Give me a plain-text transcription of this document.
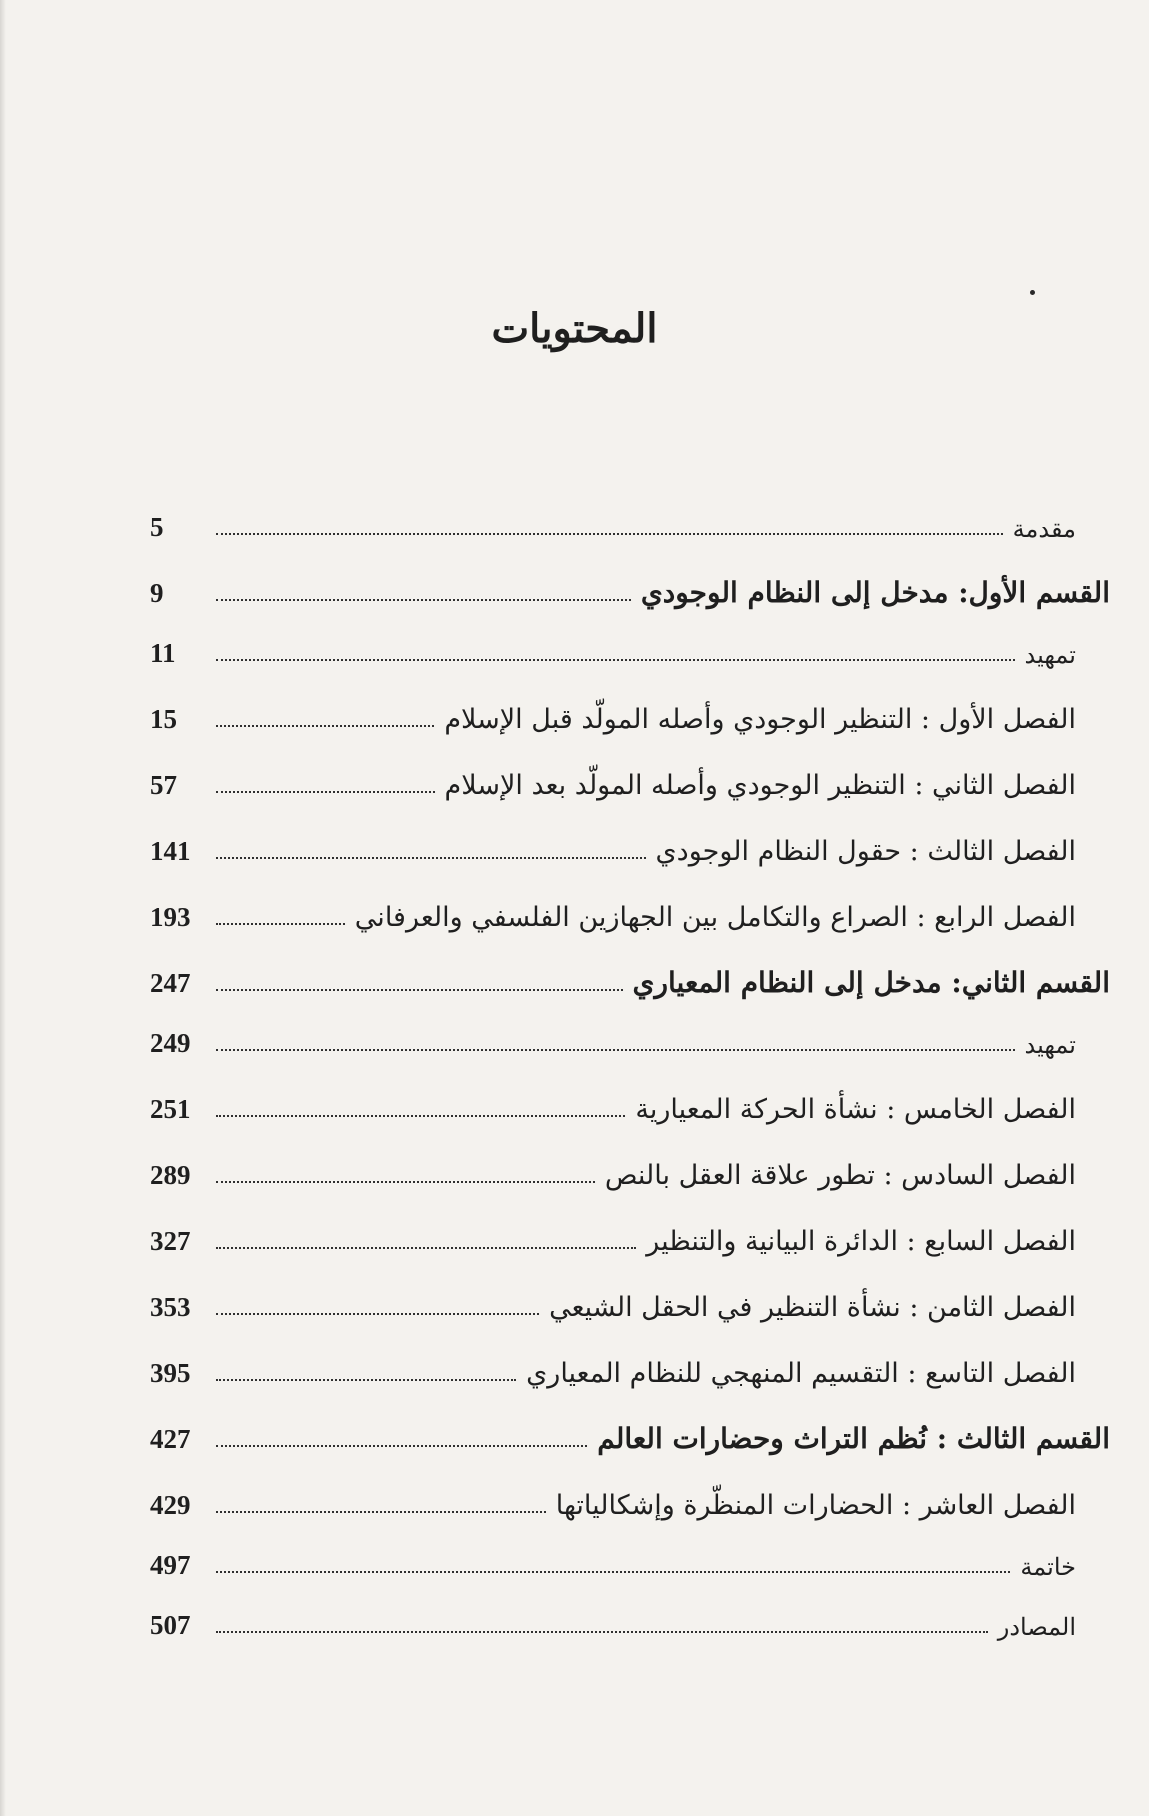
المحتويات
5	مقدمة
9	القسم الأول: مدخل إلى النظام الوجودي
11	تمهيد
15	الفصل الأول : التنظير الوجودي وأصله المولّد قبل الإسلام
57	الفصل الثاني : التنظير الوجودي وأصله المولّد بعد الإسلام
141	الفصل الثالث : حقول النظام الوجودي
193	الفصل الرابع : الصراع والتكامل بين الجهازين الفلسفي والعرفاني
247	القسم الثاني: مدخل إلى النظام المعياري
249	تمهيد
251	الفصل الخامس : نشأة الحركة المعيارية
289	الفصل السادس : تطور علاقة العقل بالنص
327	الفصل السابع : الدائرة البيانية والتنظير
353	الفصل الثامن : نشأة التنظير في الحقل الشيعي
395	الفصل التاسع : التقسيم المنهجي للنظام المعياري
427	القسم الثالث : نُظم التراث وحضارات العالم
429	الفصل العاشر : الحضارات المنظّرة وإشكالياتها
497	خاتمة
507	المصادر
